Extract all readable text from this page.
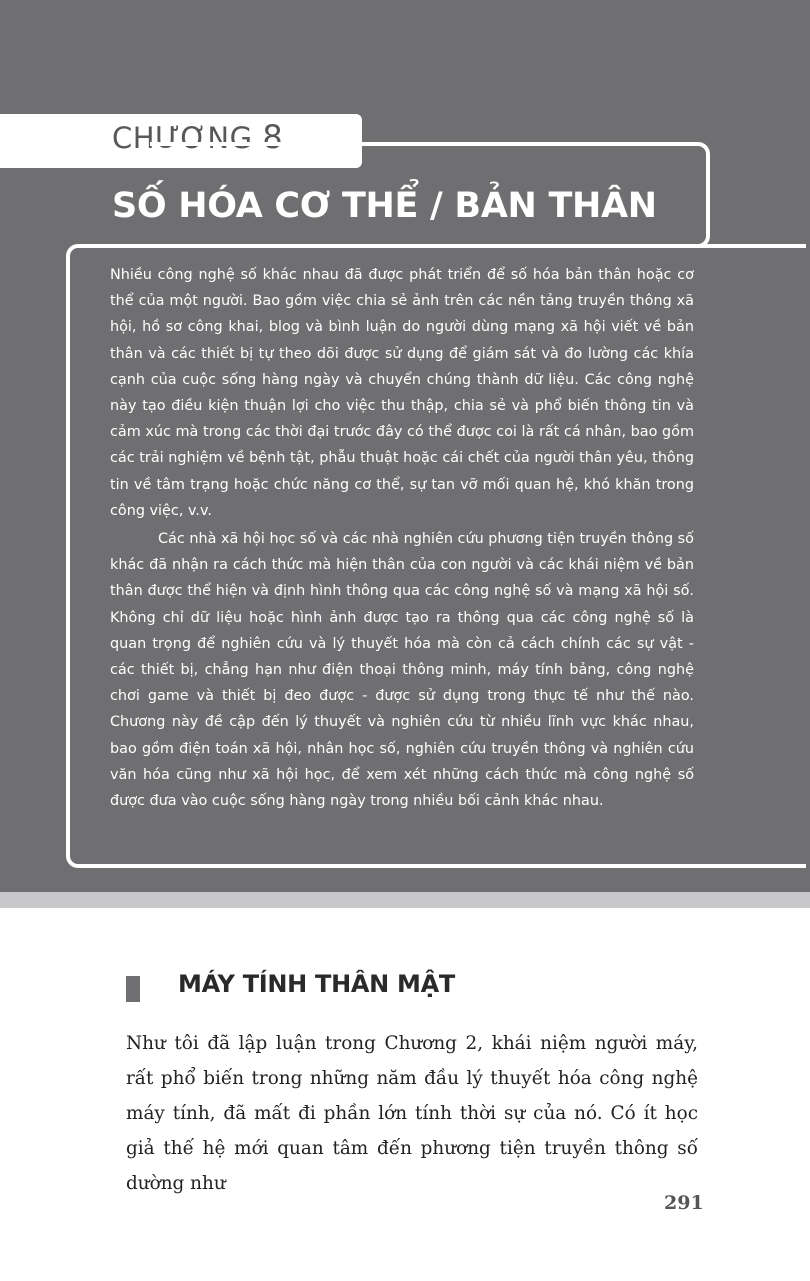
CHƯƠNG 8
SỐ HÓA CƠ THỂ / BẢN THÂN

Nhiều công nghệ số khác nhau đã được phát triển để số hóa bản thân hoặc cơ thể của một người. Bao gồm việc chia sẻ ảnh trên các nền tảng truyền thông xã hội, hồ sơ công khai, blog và bình luận do người dùng mạng xã hội viết về bản thân và các thiết bị tự theo dõi được sử dụng để giám sát và đo lường các khía cạnh của cuộc sống hàng ngày và chuyển chúng thành dữ liệu. Các công nghệ này tạo điều kiện thuận lợi cho việc thu thập, chia sẻ và phổ biến thông tin và cảm xúc mà trong các thời đại trước đây có thể được coi là rất cá nhân, bao gồm các trải nghiệm về bệnh tật, phẫu thuật hoặc cái chết của người thân yêu, thông tin về tâm trạng hoặc chức năng cơ thể, sự tan vỡ mối quan hệ, khó khăn trong công việc, v.v.

Các nhà xã hội học số và các nhà nghiên cứu phương tiện truyền thông số khác đã nhận ra cách thức mà hiện thân của con người và các khái niệm về bản thân được thể hiện và định hình thông qua các công nghệ số và mạng xã hội số. Không chỉ dữ liệu hoặc hình ảnh được tạo ra thông qua các công nghệ số là quan trọng để nghiên cứu và lý thuyết hóa mà còn cả cách chính các sự vật - các thiết bị, chẳng hạn như điện thoại thông minh, máy tính bảng, công nghệ chơi game và thiết bị đeo được - được sử dụng trong thực tế như thế nào. Chương này đề cập đến lý thuyết và nghiên cứu từ nhiều lĩnh vực khác nhau, bao gồm điện toán xã hội, nhân học số, nghiên cứu truyền thông và nghiên cứu văn hóa cũng như xã hội học, để xem xét những cách thức mà công nghệ số được đưa vào cuộc sống hàng ngày trong nhiều bối cảnh khác nhau.

MÁY TÍNH THÂN MẬT

Như tôi đã lập luận trong Chương 2, khái niệm người máy, rất phổ biến trong những năm đầu lý thuyết hóa công nghệ máy tính, đã mất đi phần lớn tính thời sự của nó. Có ít học giả thế hệ mới quan tâm đến phương tiện truyền thông số dường như

291
